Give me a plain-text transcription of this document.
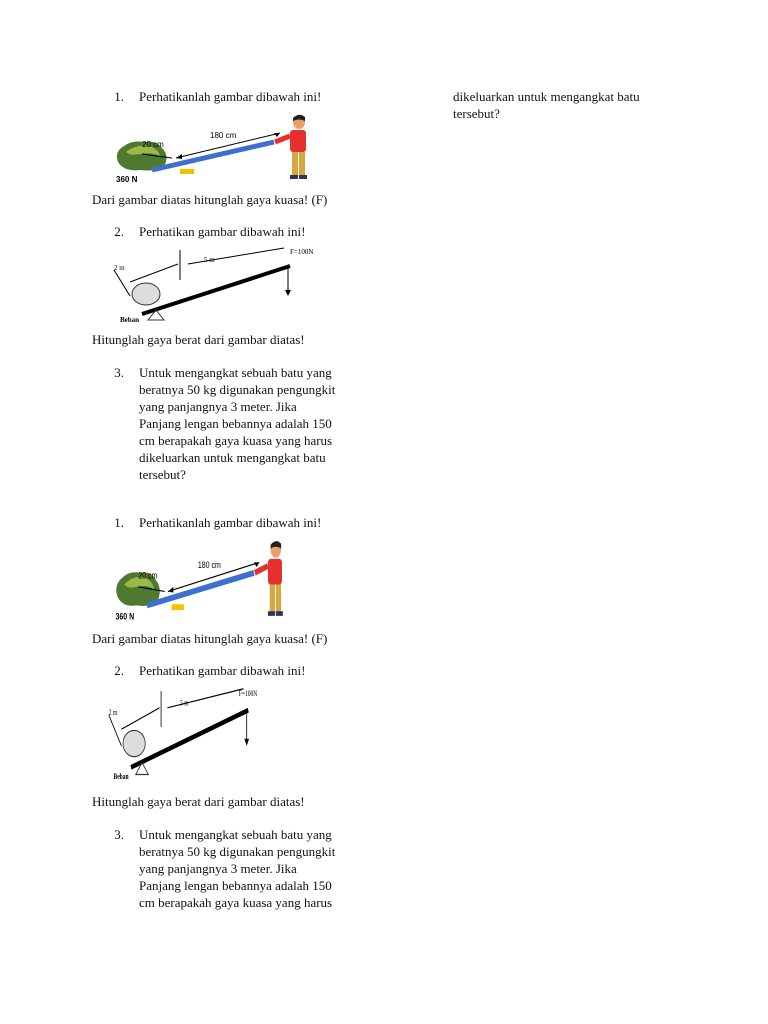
1. Perhatikanlah gambar dibawah ini!
20 cm
180 cm
360 N
Dari gambar diatas hitunglah gaya kuasa! (F)
2. Perhatikan gambar dibawah ini!
2 m
5 m
F=100N
Beban
Hitunglah gaya berat dari gambar diatas!
3. Untuk mengangkat sebuah batu yang
beratnya 50 kg digunakan pengungkit
yang panjangnya 3 meter. Jika
Panjang lengan bebannya adalah 150
cm berapakah gaya kuasa yang harus
dikeluarkan untuk mengangkat batu
tersebut?
dikeluarkan untuk mengangkat batu
tersebut?
1. Perhatikanlah gambar dibawah ini!
20 cm
180 cm
360 N
Dari gambar diatas hitunglah gaya kuasa! (F)
2. Perhatikan gambar dibawah ini!
2 m
5 m
F=100N
Beban
Hitunglah gaya berat dari gambar diatas!
3. Untuk mengangkat sebuah batu yang
beratnya 50 kg digunakan pengungkit
yang panjangnya 3 meter. Jika
Panjang lengan bebannya adalah 150
cm berapakah gaya kuasa yang harus
